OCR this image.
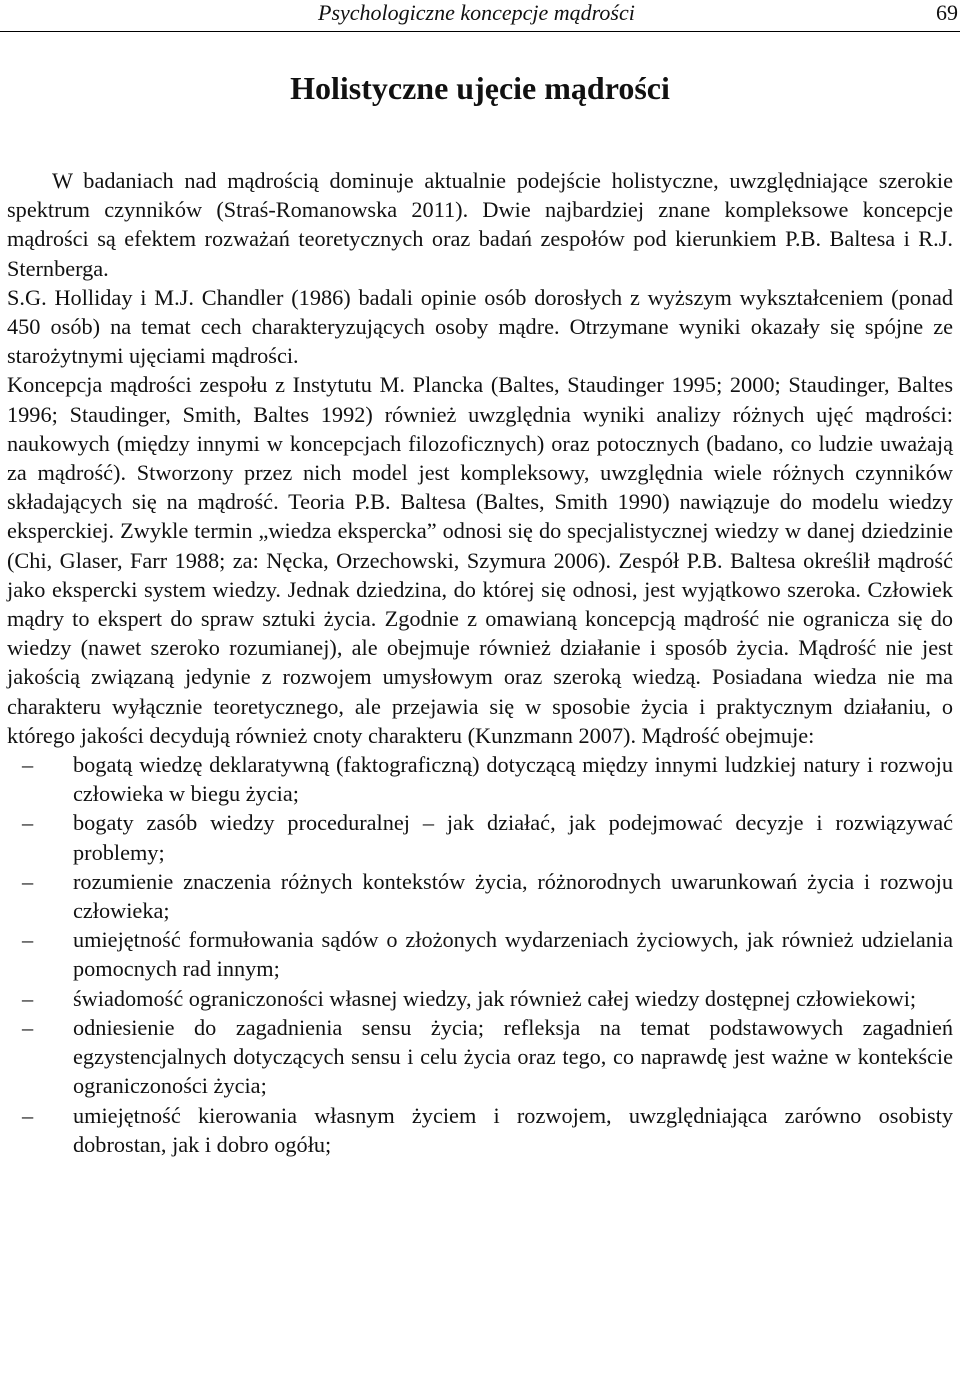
Psychologiczne koncepcje mądrości	69
Holistyczne ujęcie mądrości

W badaniach nad mądrością dominuje aktualnie podejście holistyczne, uwzględniające szerokie spektrum czynników (Straś-Romanowska 2011). Dwie najbardziej znane kompleksowe koncepcje mądrości są efektem rozważań teoretycznych oraz badań zespołów pod kierunkiem P.B. Baltesa i R.J. Sternberga.

S.G. Holliday i M.J. Chandler (1986) badali opinie osób dorosłych z wyższym wykształceniem (ponad 450 osób) na temat cech charakteryzujących osoby mądre. Otrzymane wyniki okazały się spójne ze starożytnymi ujęciami mądrości.

Koncepcja mądrości zespołu z Instytutu M. Plancka (Baltes, Staudinger 1995; 2000; Staudinger, Baltes 1996; Staudinger, Smith, Baltes 1992) również uwzględnia wyniki analizy różnych ujęć mądrości: naukowych (między innymi w koncepcjach filozoficznych) oraz potocznych (badano, co ludzie uważają za mądrość). Stworzony przez nich model jest kompleksowy, uwzględnia wiele różnych czynników składających się na mądrość. Teoria P.B. Baltesa (Baltes, Smith 1990) nawiązuje do modelu wiedzy eksperckiej. Zwykle termin „wiedza ekspercka” odnosi się do specjalistycznej wiedzy w danej dziedzinie (Chi, Glaser, Farr 1988; za: Nęcka, Orzechowski, Szymura 2006). Zespół P.B. Baltesa określił mądrość jako ekspercki system wiedzy. Jednak dziedzina, do której się odnosi, jest wyjątkowo szeroka. Człowiek mądry to ekspert do spraw sztuki życia. Zgodnie z omawianą koncepcją mądrość nie ogranicza się do wiedzy (nawet szeroko rozumianej), ale obejmuje również działanie i sposób życia. Mądrość nie jest jakością związaną jedynie z rozwojem umysłowym oraz szeroką wiedzą. Posiadana wiedza nie ma charakteru wyłącznie teoretycznego, ale przejawia się w sposobie życia i praktycznym działaniu, o którego jakości decydują również cnoty charakteru (Kunzmann 2007). Mądrość obejmuje:

– bogatą wiedzę deklaratywną (faktograficzną) dotyczącą między innymi ludzkiej natury i rozwoju człowieka w biegu życia;
– bogaty zasób wiedzy proceduralnej – jak działać, jak podejmować decyzje i rozwiązywać problemy;
– rozumienie znaczenia różnych kontekstów życia, różnorodnych uwarunkowań życia i rozwoju człowieka;
– umiejętność formułowania sądów o złożonych wydarzeniach życiowych, jak również udzielania pomocnych rad innym;
– świadomość ograniczoności własnej wiedzy, jak również całej wiedzy dostępnej człowiekowi;
– odniesienie do zagadnienia sensu życia; refleksja na temat podstawowych zagadnień egzystencjalnych dotyczących sensu i celu życia oraz tego, co naprawdę jest ważne w kontekście ograniczoności życia;
– umiejętność kierowania własnym życiem i rozwojem, uwzględniająca zarówno osobisty dobrostan, jak i dobro ogółu;
